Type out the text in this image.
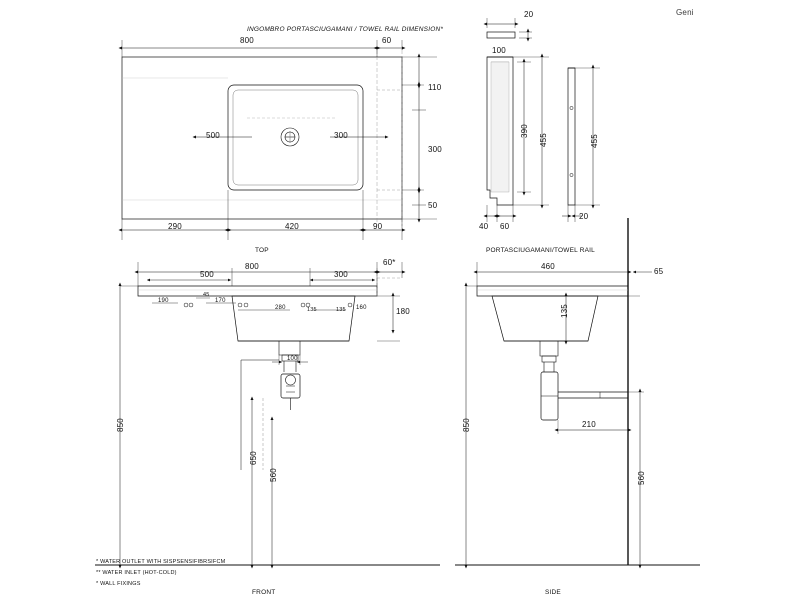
Geni
INGOMBRO PORTASCIUGAMANI / TOWEL RAIL DIMENSION*
800	60
500	300
110
300
50
290	420	90
TOP
20
100
390
455	455
40 60
20
PORTASCIUGAMANI/TOWEL RAIL
800	60*
500	300
190	170
280	160
45
135	135	180
100
850
650
560
FRONT
460
65
135
850	210
560
SIDE
* WATER OUTLET WITH SISPSENSIFIBRSIFCM
** WATER INLET (HOT-COLD)
* WALL FIXINGS
